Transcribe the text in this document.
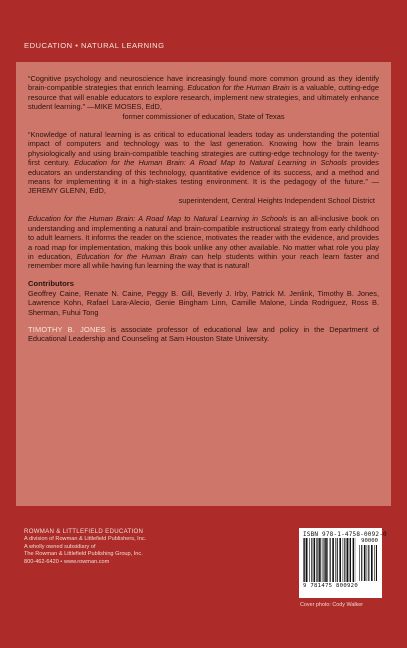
EDUCATION • NATURAL LEARNING

“Cognitive psychology and neuroscience have increasingly found more common ground as they identify brain-compatible strategies that enrich learning. Education for the Human Brain is a valuable, cutting-edge resource that will enable educators to explore research, implement new strategies, and ultimately enhance student learning.” —MIKE MOSES, EdD,

former commissioner of education, State of Texas

“Knowledge of natural learning is as critical to educational leaders today as understanding the potential impact of computers and technology was to the last generation. Knowing how the brain learns physiologically and using brain-compatible teaching strategies are cutting-edge technology for the twenty-first century. Education for the Human Brain: A Road Map to Natural Learning in Schools provides educators an understanding of this technology, quantitative evidence of its success, and a method and means for implementing it in a high-stakes testing environment. It is the pedagogy of the future.” —JEREMY GLENN, EdD,

superintendent, Central Heights Independent School District

Education for the Human Brain: A Road Map to Natural Learning in Schools is an all-inclusive book on understanding and implementing a natural and brain-compatible instructional strategy from early childhood to adult learners. It informs the reader on the science, motivates the reader with the evidence, and provides a road map for implementation, making this book unlike any other available. No matter what role you play in education, Education for the Human Brain can help students within your reach learn faster and remember more all while having fun learning the way that is natural!

Contributors

Geoffrey Caine, Renate N. Caine, Peggy B. Gill, Beverly J. Irby, Patrick M. Jenlink, Timothy B. Jones, Lawrence Kohn, Rafael Lara-Alecio, Genie Bingham Linn, Camille Malone, Linda Rodriguez, Ross B. Sherman, Fuhui Tong

TIMOTHY B. JONES is associate professor of educational law and policy in the Department of Educational Leadership and Counseling at Sam Houston State University.

ROWMAN & LITTLEFIELD EDUCATION
A division of Rowman & Littlefield Publishers, Inc.
A wholly owned subsidiary of
The Rowman & Littlefield Publishing Group, Inc.
800-462-6420 • www.rowman.com
ISBN 978-1-4758-0092-0
90000
9 781475 800920
Cover photo: Cody Walker
